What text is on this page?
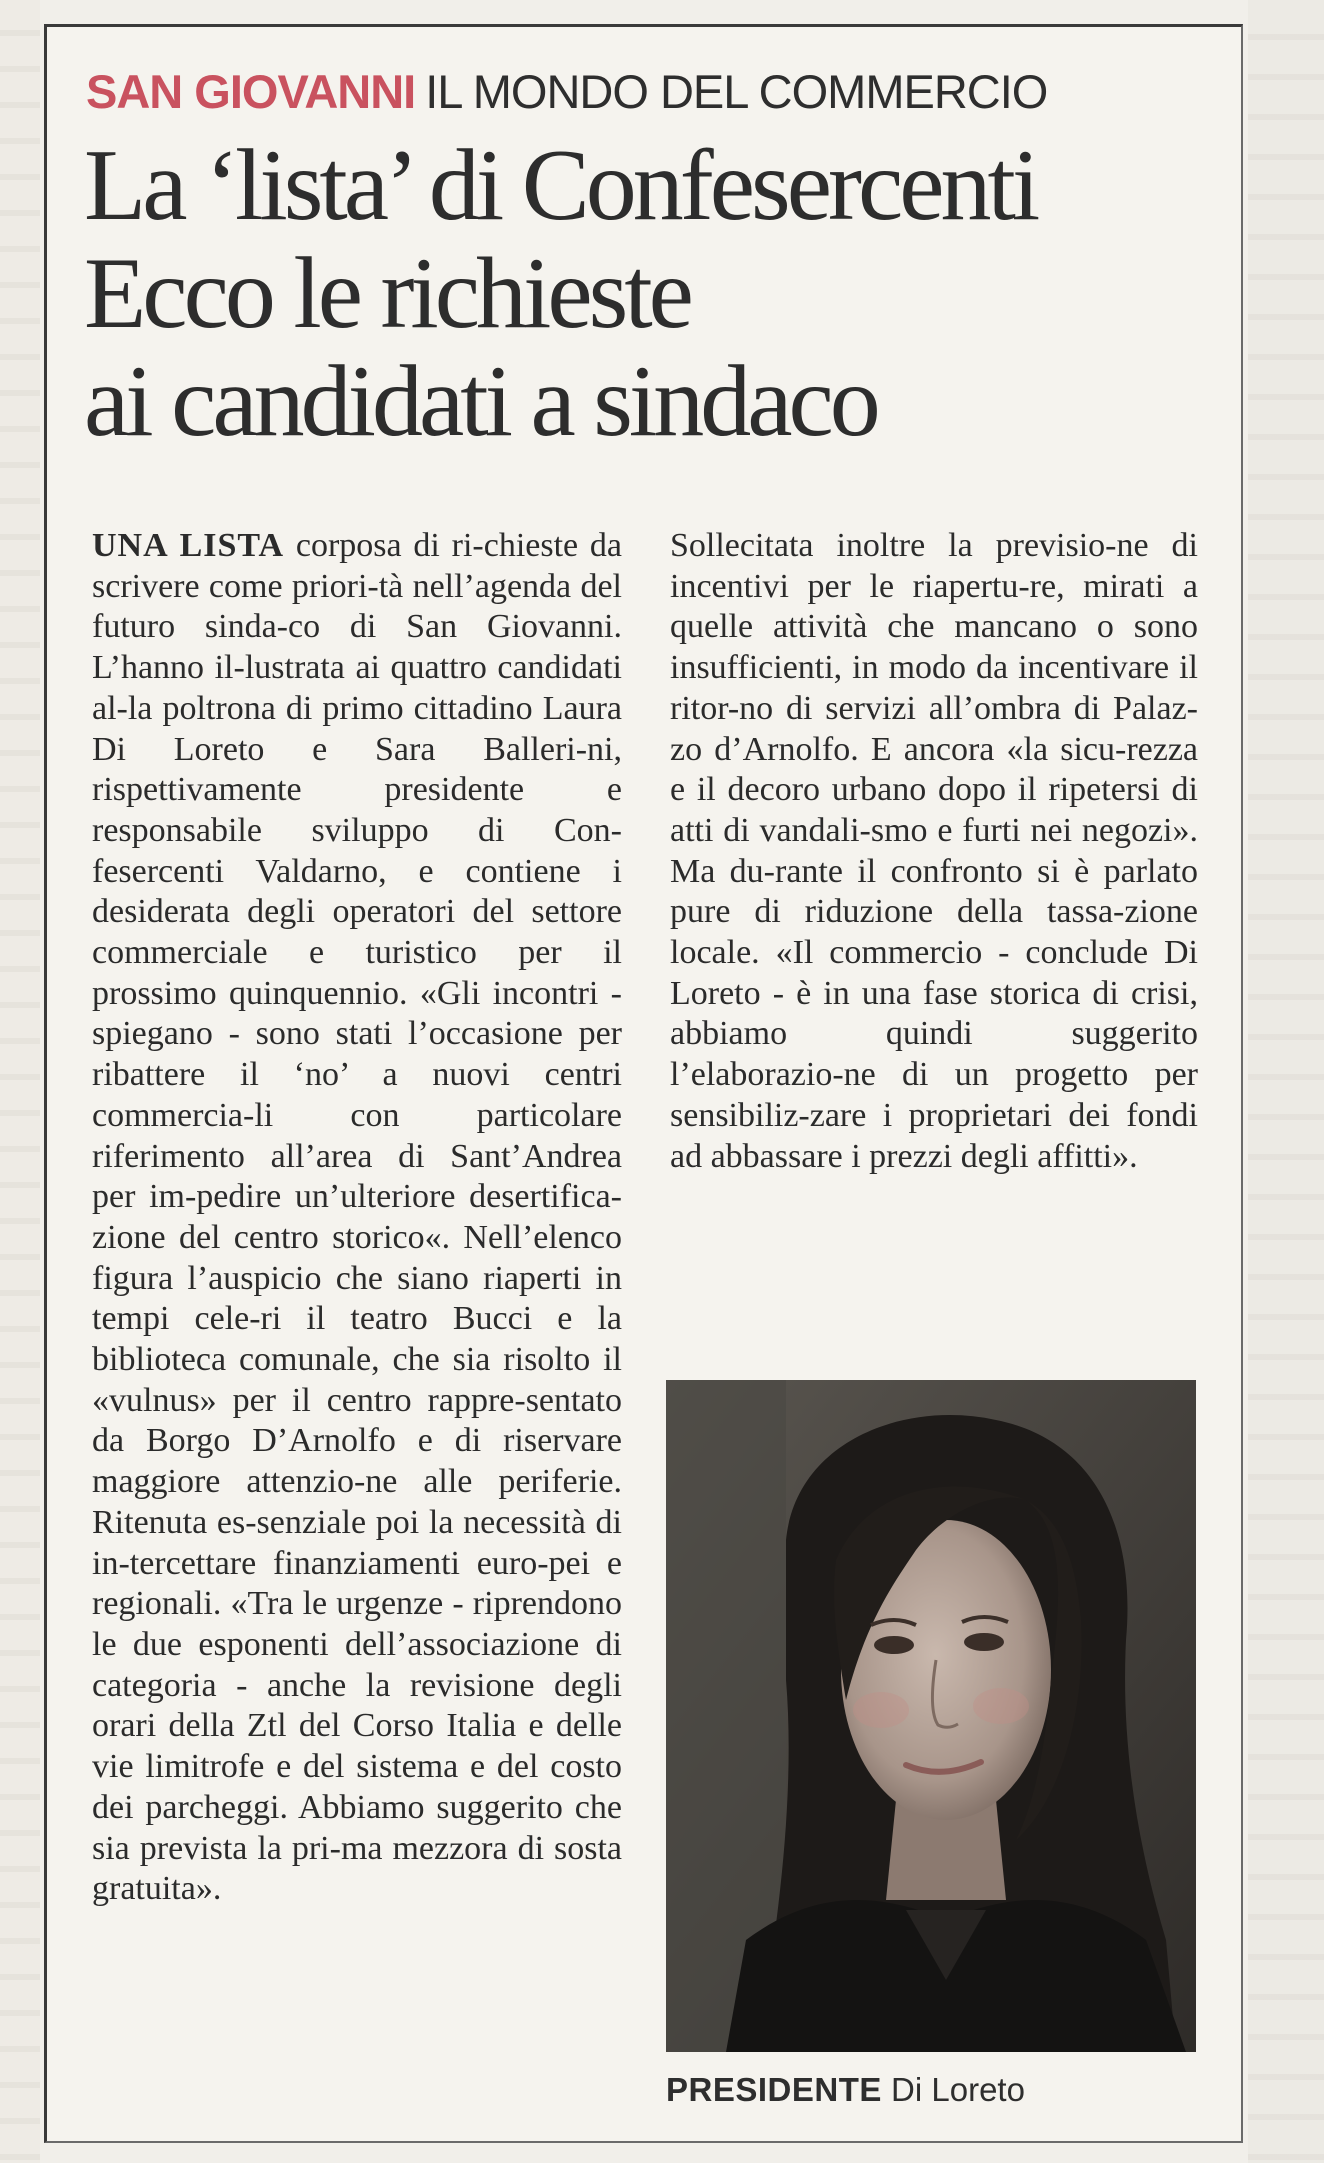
SAN GIOVANNI IL MONDO DEL COMMERCIO
La ‘lista’ di Confesercenti
Ecco le richieste
ai candidati a sindaco

UNA LISTA corposa di ri-chieste da scrivere come priori-tà nell’agenda del futuro sinda-co di San Giovanni. L’hanno il-lustrata ai quattro candidati al-la poltrona di primo cittadino Laura Di Loreto e Sara Balleri-ni, rispettivamente presidente e responsabile sviluppo di Con-fesercenti Valdarno, e contiene i desiderata degli operatori del settore commerciale e turistico per il prossimo quinquennio. «Gli incontri - spiegano - sono stati l’occasione per ribattere il ‘no’ a nuovi centri commercia-li con particolare riferimento all’area di Sant’Andrea per im-pedire un’ulteriore desertifica-zione del centro storico«. Nell’elenco figura l’auspicio che siano riaperti in tempi cele-ri il teatro Bucci e la biblioteca comunale, che sia risolto il «vulnus» per il centro rappre-sentato da Borgo D’Arnolfo e di riservare maggiore attenzio-ne alle periferie. Ritenuta es-senziale poi la necessità di in-tercettare finanziamenti euro-pei e regionali. «Tra le urgenze - riprendono le due esponenti dell’associazione di categoria - anche la revisione degli orari della Ztl del Corso Italia e delle vie limitrofe e del sistema e del costo dei parcheggi. Abbiamo suggerito che sia prevista la pri-ma mezzora di sosta gratuita».

Sollecitata inoltre la previsio-ne di incentivi per le riapertu-re, mirati a quelle attività che mancano o sono insufficienti, in modo da incentivare il ritor-no di servizi all’ombra di Palaz-zo d’Arnolfo. E ancora «la sicu-rezza e il decoro urbano dopo il ripetersi di atti di vandali-smo e furti nei negozi». Ma du-rante il confronto si è parlato pure di riduzione della tassa-zione locale. «Il commercio - conclude Di Loreto - è in una fase storica di crisi, abbiamo quindi suggerito l’elaborazio-ne di un progetto per sensibiliz-zare i proprietari dei fondi ad abbassare i prezzi degli affitti».

PRESIDENTE Di Loreto
